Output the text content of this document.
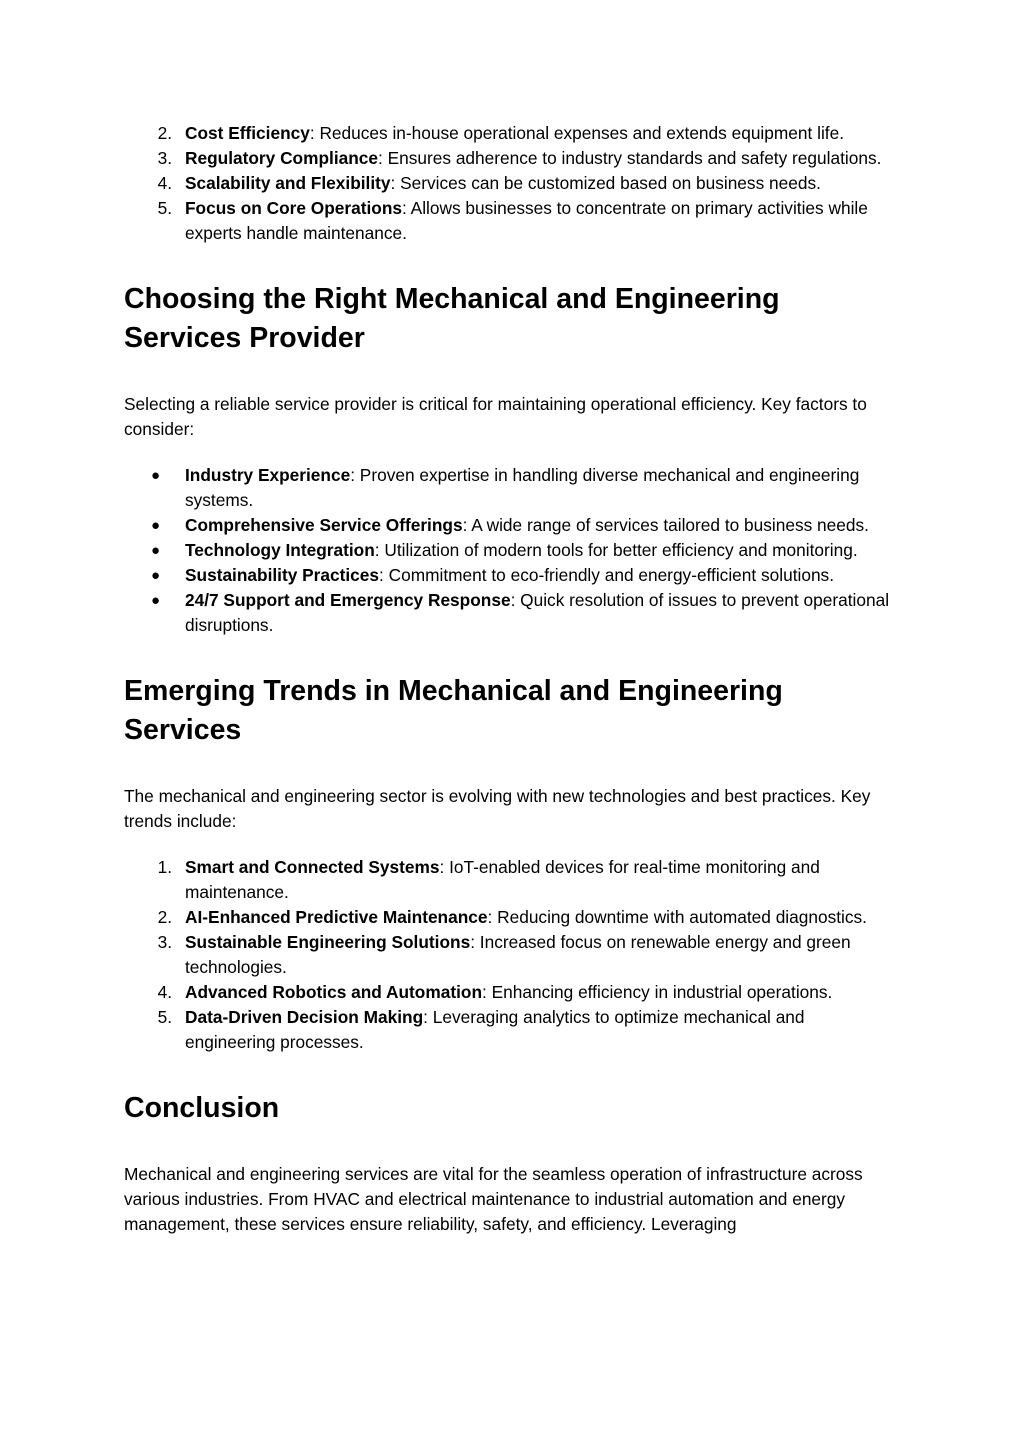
2. Cost Efficiency: Reduces in-house operational expenses and extends equipment life.
3. Regulatory Compliance: Ensures adherence to industry standards and safety regulations.
4. Scalability and Flexibility: Services can be customized based on business needs.
5. Focus on Core Operations: Allows businesses to concentrate on primary activities while experts handle maintenance.
Choosing the Right Mechanical and Engineering Services Provider

Selecting a reliable service provider is critical for maintaining operational efficiency. Key factors to consider:

● Industry Experience: Proven expertise in handling diverse mechanical and engineering systems.
● Comprehensive Service Offerings: A wide range of services tailored to business needs.
● Technology Integration: Utilization of modern tools for better efficiency and monitoring.
● Sustainability Practices: Commitment to eco-friendly and energy-efficient solutions.
● 24/7 Support and Emergency Response: Quick resolution of issues to prevent operational disruptions.
Emerging Trends in Mechanical and Engineering Services

The mechanical and engineering sector is evolving with new technologies and best practices. Key trends include:

1. Smart and Connected Systems: IoT-enabled devices for real-time monitoring and maintenance.
2. AI-Enhanced Predictive Maintenance: Reducing downtime with automated diagnostics.
3. Sustainable Engineering Solutions: Increased focus on renewable energy and green technologies.
4. Advanced Robotics and Automation: Enhancing efficiency in industrial operations.
5. Data-Driven Decision Making: Leveraging analytics to optimize mechanical and engineering processes.
Conclusion

Mechanical and engineering services are vital for the seamless operation of infrastructure across various industries. From HVAC and electrical maintenance to industrial automation and energy management, these services ensure reliability, safety, and efficiency. Leveraging
